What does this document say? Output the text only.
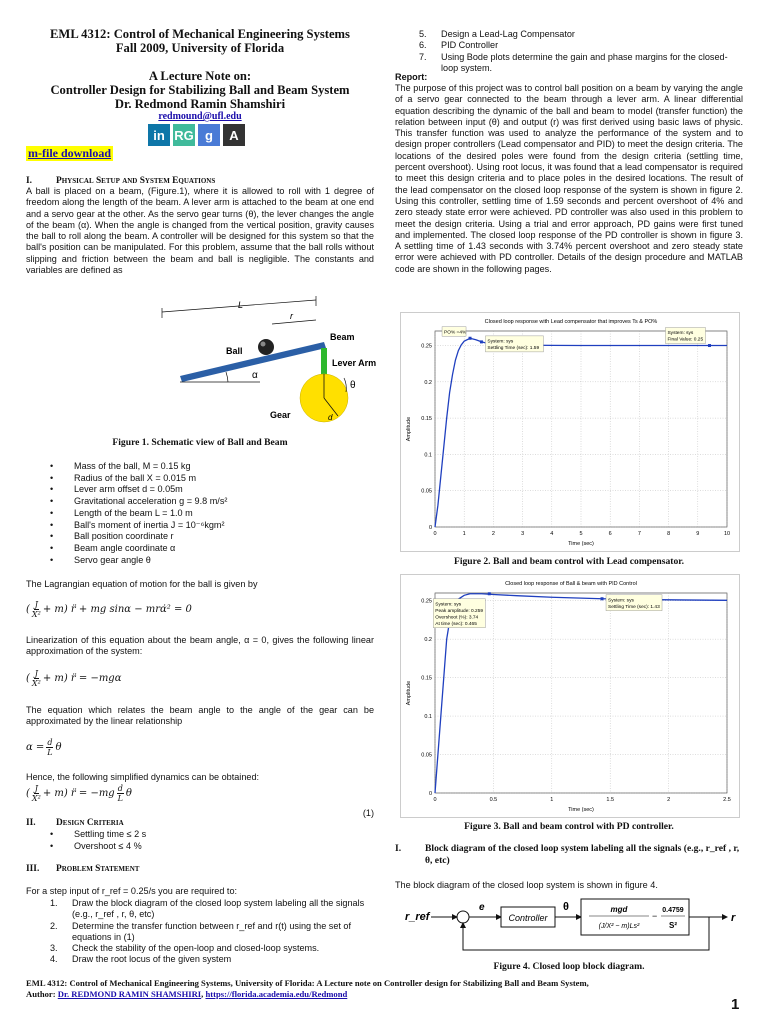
EML 4312: Control of Mechanical Engineering Systems
Fall 2009, University of Florida
A Lecture Note on:
Controller Design for Stabilizing Ball and Beam System
Dr. Redmond Ramin Shamshiri
redmound@ufl.edu
in RG g	A
m-file download
I.	Physical Setup and System Equations

A ball is placed on a beam, (Figure.1), where it is allowed to roll with 1 degree of freedom along the length of the beam. A lever arm is attached to the beam at one end and a servo gear at the other. As the servo gear turns (θ), the lever changes the angle of the beam (α). When the angle is changed from the vertical position, gravity causes the ball to roll along the beam. A controller will be designed for this system so that the ball's position can be manipulated. For this problem, assume that the ball rolls without slipping and friction between the beam and ball is negligible. The constants and variables are defined as

L
r
α
Ball
Beam
Lever Arm
θ
d
Gear
Figure 1. Schematic view of Ball and Beam
• Mass of the ball, M = 0.15 kg
• Radius of the ball X = 0.015 m
• Lever arm offset d = 0.05m
• Gravitational acceleration g = 9.8 m/s²
• Length of the beam L = 1.0 m
• Ball's moment of inertia J = 10⁻⁶kgm²
• Ball position coordinate r
• Beam angle coordinate α
• Servo gear angle θ

The Lagrangian equation of motion for the ball is given by

( $\frac{J}{\text{X²}} + m$) r̈ + mg sinα − mrα̇² = 0

Linearization of this equation about the beam angle, α = 0, gives the following linear approximation of the system:

( $\frac{J}{\text{X²}} + m$) r̈ = −mgα

The equation which relates the beam angle to the angle of the gear can be approximated by the linear relationship

$\alpha = \frac{d}{L}$ θ

Hence, the following simplified dynamics can be obtained:

( $\frac{J}{\text{X²}} + m$) r̈ = $-mg \frac{d}{L}$ θ
(1)
II. Design Criteria
• Settling time ≤ 2 s
• Overshoot ≤ 4 %
III. Problem Statement

For a step input of r_ref = 0.25/s you are required to:

1. Draw the block diagram of the closed loop system labeling all the signals (e.g., r_ref , r, θ, etc)
2. Determine the transfer function between r_ref and r(t) using the set of equations in (1)
3. Check the stability of the open-loop and closed-loop systems.
4. Draw the root locus of the given system
5. Design a Lead-Lag Compensator
6. PID Controller
7. Using Bode plots determine the gain and phase margins for the closed-loop system.
Report:

The purpose of this project was to control ball position on a beam by varying the angle of a servo gear connected to the beam through a lever arm. A linear differential equation describing the dynamic of the ball and beam to model (transfer function) the relation between input (θ) and output (r) was first derived using basic laws of physic. This transfer function was used to analyze the performance of the system and to design proper controllers (Lead compensator and PID) to meet the design criteria. The locations of the desired poles were found from the design criteria (settling time, percent overshoot). Using root locus, it was found that a lead compensator is required to meet this design criteria and to place poles in the desired locations. The result of the lead compensator on the closed loop response of the system is shown in figure 2. Using this controller, settling time of 1.59 seconds and percent overshoot of 4% and zero steady state error were achieved. PD controller was also used in this problem to meet the design criteria. Using a trial and error approach, PD gains were first tuned and implemented. The closed loop response of the PD controller is shown in figure 3. A settling time of 1.43 seconds with 3.74% percent overshoot and zero steady state error were achieved with PD controller. Details of the design procedure and MATLAB code are shown in the following pages.

Closed loop response with Lead compensator that improves Ts & PO%
0	1	2	3	4	5	6	7	8	9	10
0
0.05
0.1
0.15
0.2
0.25
Time (sec)
Amplitude
PO% =4%
System: sys
Settling Time (sec): 1.59
System: sys
Final Value: 0.25
Figure 2. Ball and beam control with Lead compensator.
Closed loop response of Ball & beam with PID Control
0	0.5	1	1.5	2	2.5
0
0.05
0.1
0.15
0.2
0.25
Time (sec)
Amplitude
System: sys
Peak amplitude: 0.259
Overshoot (%): 3.74
At time (sec): 0.465
System: sys
Settling Time (sec): 1.43
Figure 3. Ball and beam control with PD controller.
I. Block diagram of the closed loop system labeling all the signals (e.g., r_ref , r, θ, etc)

The block diagram of the closed loop system is shown in figure 4.

r_ref
e
Controller
θ	mgd
(J/X² − m)Ls²
−
0.4759
S²
r
Figure 4. Closed loop block diagram.
EML 4312: Control of Mechanical Engineering Systems, University of Florida: A Lecture note on Controller design for Stabilizing Ball and Beam System,
Author: Dr. REDMOND RAMIN SHAMSHIRI, https://florida.academia.edu/Redmond
1
